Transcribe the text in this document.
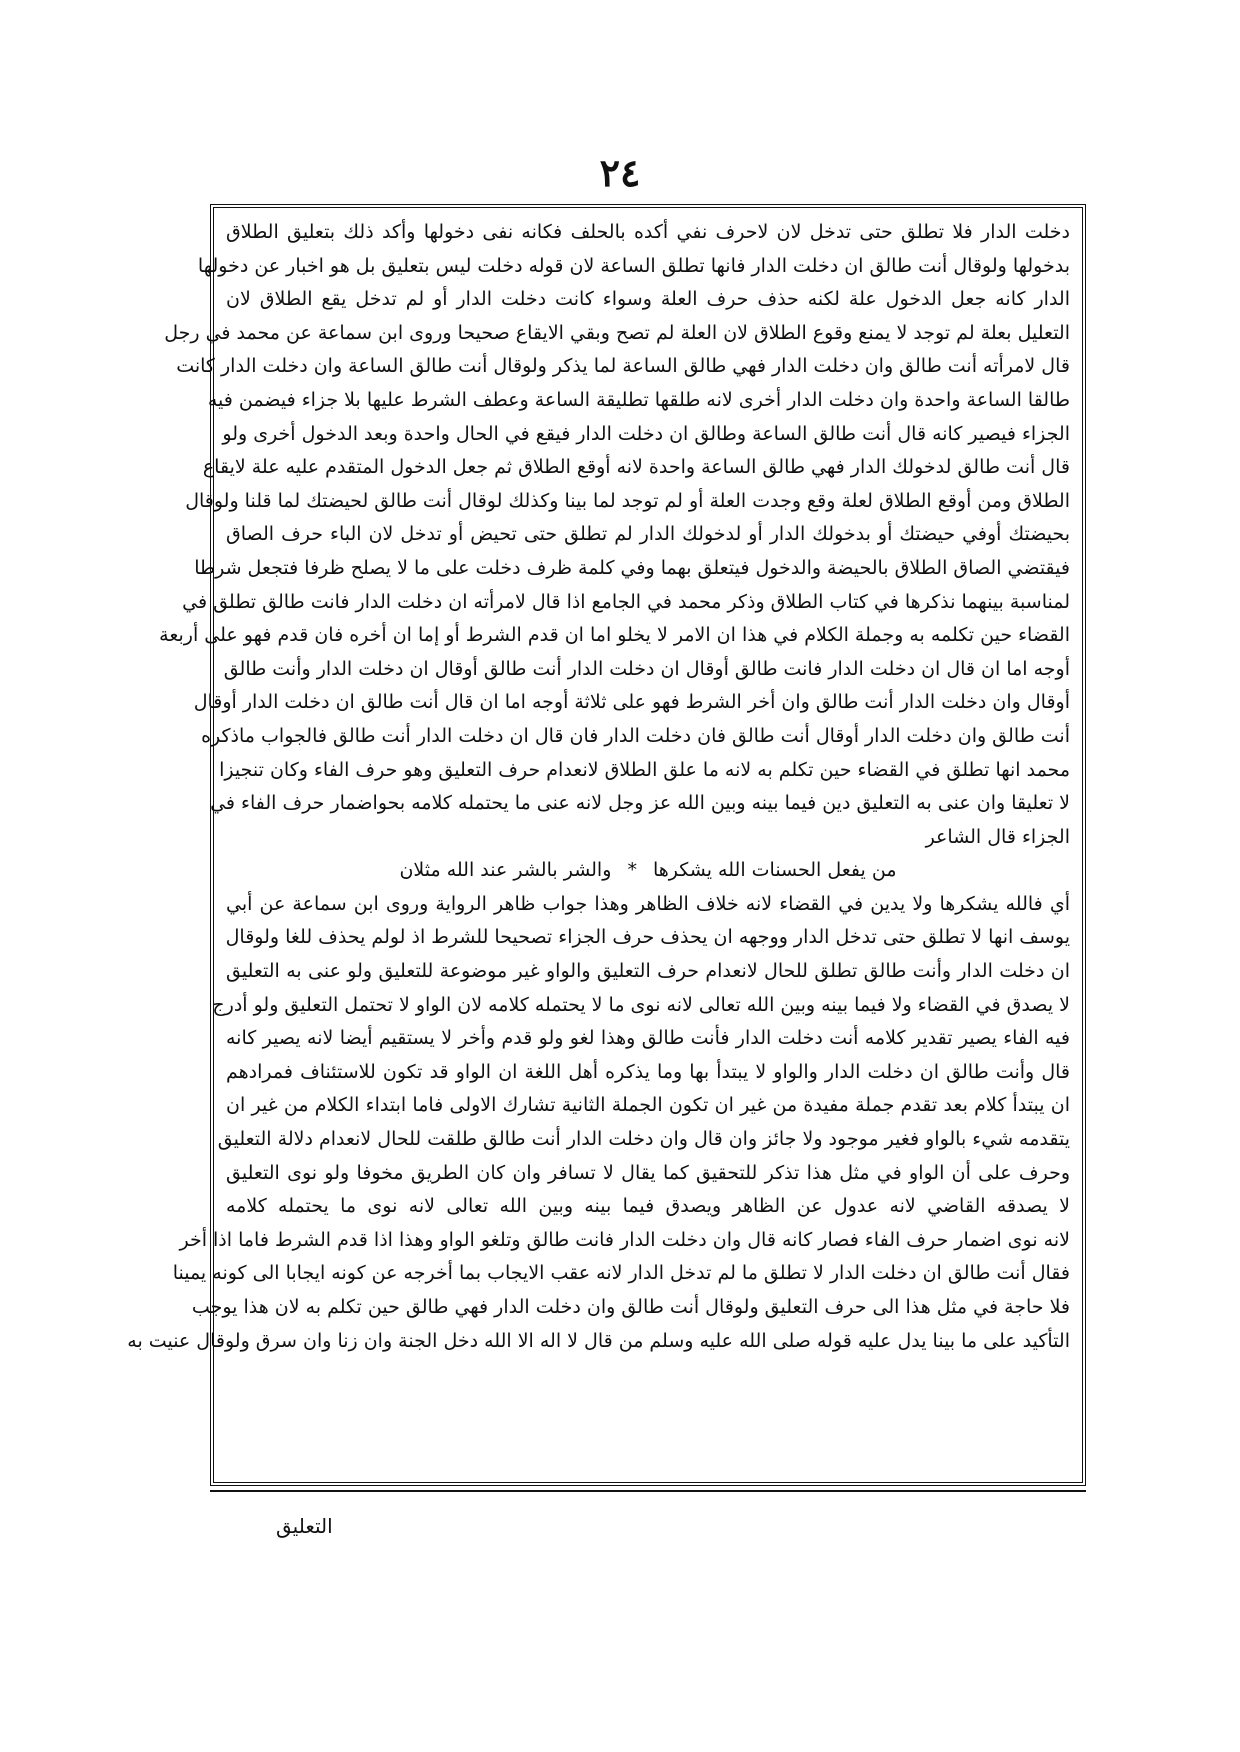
٢٤
دخلت الدار فلا تطلق حتى تدخل لان لاحرف نفي أكده بالحلف فكانه نفى دخولها وأكد ذلك بتعليق الطلاق
بدخولها ولوقال أنت طالق ان دخلت الدار فانها تطلق الساعة لان قوله دخلت ليس بتعليق بل هو اخبار عن دخولها
الدار كانه جعل الدخول علة لكنه حذف حرف العلة وسواء كانت دخلت الدار أو لم تدخل يقع الطلاق لان
التعليل بعلة لم توجد لا يمنع وقوع الطلاق لان العلة لم تصح وبقي الايقاع صحيحا وروى ابن سماعة عن محمد في رجل
قال لامرأته أنت طالق وان دخلت الدار فهي طالق الساعة لما يذكر ولوقال أنت طالق الساعة وان دخلت الدار كانت
طالقا الساعة واحدة وان دخلت الدار أخرى لانه طلقها تطليقة الساعة وعطف الشرط عليها بلا جزاء فيضمن فيه
الجزاء فيصير كانه قال أنت طالق الساعة وطالق ان دخلت الدار فيقع في الحال واحدة وبعد الدخول أخرى ولو
قال أنت طالق لدخولك الدار فهي طالق الساعة واحدة لانه أوقع الطلاق ثم جعل الدخول المتقدم عليه علة لايقاع
الطلاق ومن أوقع الطلاق لعلة وقع وجدت العلة أو لم توجد لما بينا وكذلك لوقال أنت طالق لحيضتك لما قلنا ولوقال
بحيضتك أوفي حيضتك أو بدخولك الدار أو لدخولك الدار لم تطلق حتى تحيض أو تدخل لان الباء حرف الصاق
فيقتضي الصاق الطلاق بالحيضة والدخول فيتعلق بهما وفي كلمة ظرف دخلت على ما لا يصلح ظرفا فتجعل شرطا
لمناسبة بينهما نذكرها في كتاب الطلاق وذكر محمد في الجامع اذا قال لامرأته ان دخلت الدار فانت طالق تطلق في
القضاء حين تكلمه به وجملة الكلام في هذا ان الامر لا يخلو اما ان قدم الشرط أو إما ان أخره فان قدم فهو على أربعة
أوجه اما ان قال ان دخلت الدار فانت طالق أوقال ان دخلت الدار أنت طالق أوقال ان دخلت الدار وأنت طالق
أوقال وان دخلت الدار أنت طالق وان أخر الشرط فهو على ثلاثة أوجه اما ان قال أنت طالق ان دخلت الدار أوقال
أنت طالق وان دخلت الدار أوقال أنت طالق فان دخلت الدار فان قال ان دخلت الدار أنت طالق فالجواب ماذكره
محمد انها تطلق في القضاء حين تكلم به لانه ما علق الطلاق لانعدام حرف التعليق وهو حرف الفاء وكان تنجيزا
لا تعليقا وان عنى به التعليق دين فيما بينه وبين الله عز وجل لانه عنى ما يحتمله كلامه بحواضمار حرف الفاء في
الجزاء قال الشاعر
من يفعل الحسنات الله يشكرها * والشر بالشر عند الله مثلان
أي فالله يشكرها ولا يدين في القضاء لانه خلاف الظاهر وهذا جواب ظاهر الرواية وروى ابن سماعة عن أبي
يوسف انها لا تطلق حتى تدخل الدار ووجهه ان يحذف حرف الجزاء تصحيحا للشرط اذ لولم يحذف للغا ولوقال
ان دخلت الدار وأنت طالق تطلق للحال لانعدام حرف التعليق والواو غير موضوعة للتعليق ولو عنى به التعليق
لا يصدق في القضاء ولا فيما بينه وبين الله تعالى لانه نوى ما لا يحتمله كلامه لان الواو لا تحتمل التعليق ولو أدرج
فيه الفاء يصير تقدير كلامه أنت دخلت الدار فأنت طالق وهذا لغو ولو قدم وأخر لا يستقيم أيضا لانه يصير كانه
قال وأنت طالق ان دخلت الدار والواو لا يبتدأ بها وما يذكره أهل اللغة ان الواو قد تكون للاستئناف فمرادهم
ان يبتدأ كلام بعد تقدم جملة مفيدة من غير ان تكون الجملة الثانية تشارك الاولى فاما ابتداء الكلام من غير ان
يتقدمه شيء بالواو فغير موجود ولا جائز وان قال وان دخلت الدار أنت طالق طلقت للحال لانعدام دلالة التعليق
وحرف على أن الواو في مثل هذا تذكر للتحقيق كما يقال لا تسافر وان كان الطريق مخوفا ولو نوى التعليق
لا يصدقه القاضي لانه عدول عن الظاهر ويصدق فيما بينه وبين الله تعالى لانه نوى ما يحتمله كلامه
لانه نوى اضمار حرف الفاء فصار كانه قال وان دخلت الدار فانت طالق وتلغو الواو وهذا اذا قدم الشرط فاما اذا أخر
فقال أنت طالق ان دخلت الدار لا تطلق ما لم تدخل الدار لانه عقب الايجاب بما أخرجه عن كونه ايجابا الى كونه يمينا
فلا حاجة في مثل هذا الى حرف التعليق ولوقال أنت طالق وان دخلت الدار فهي طالق حين تكلم به لان هذا يوجب
التأكيد على ما بينا يدل عليه قوله صلى الله عليه وسلم من قال لا اله الا الله دخل الجنة وان زنا وان سرق ولوقال عنيت به
التعليق
